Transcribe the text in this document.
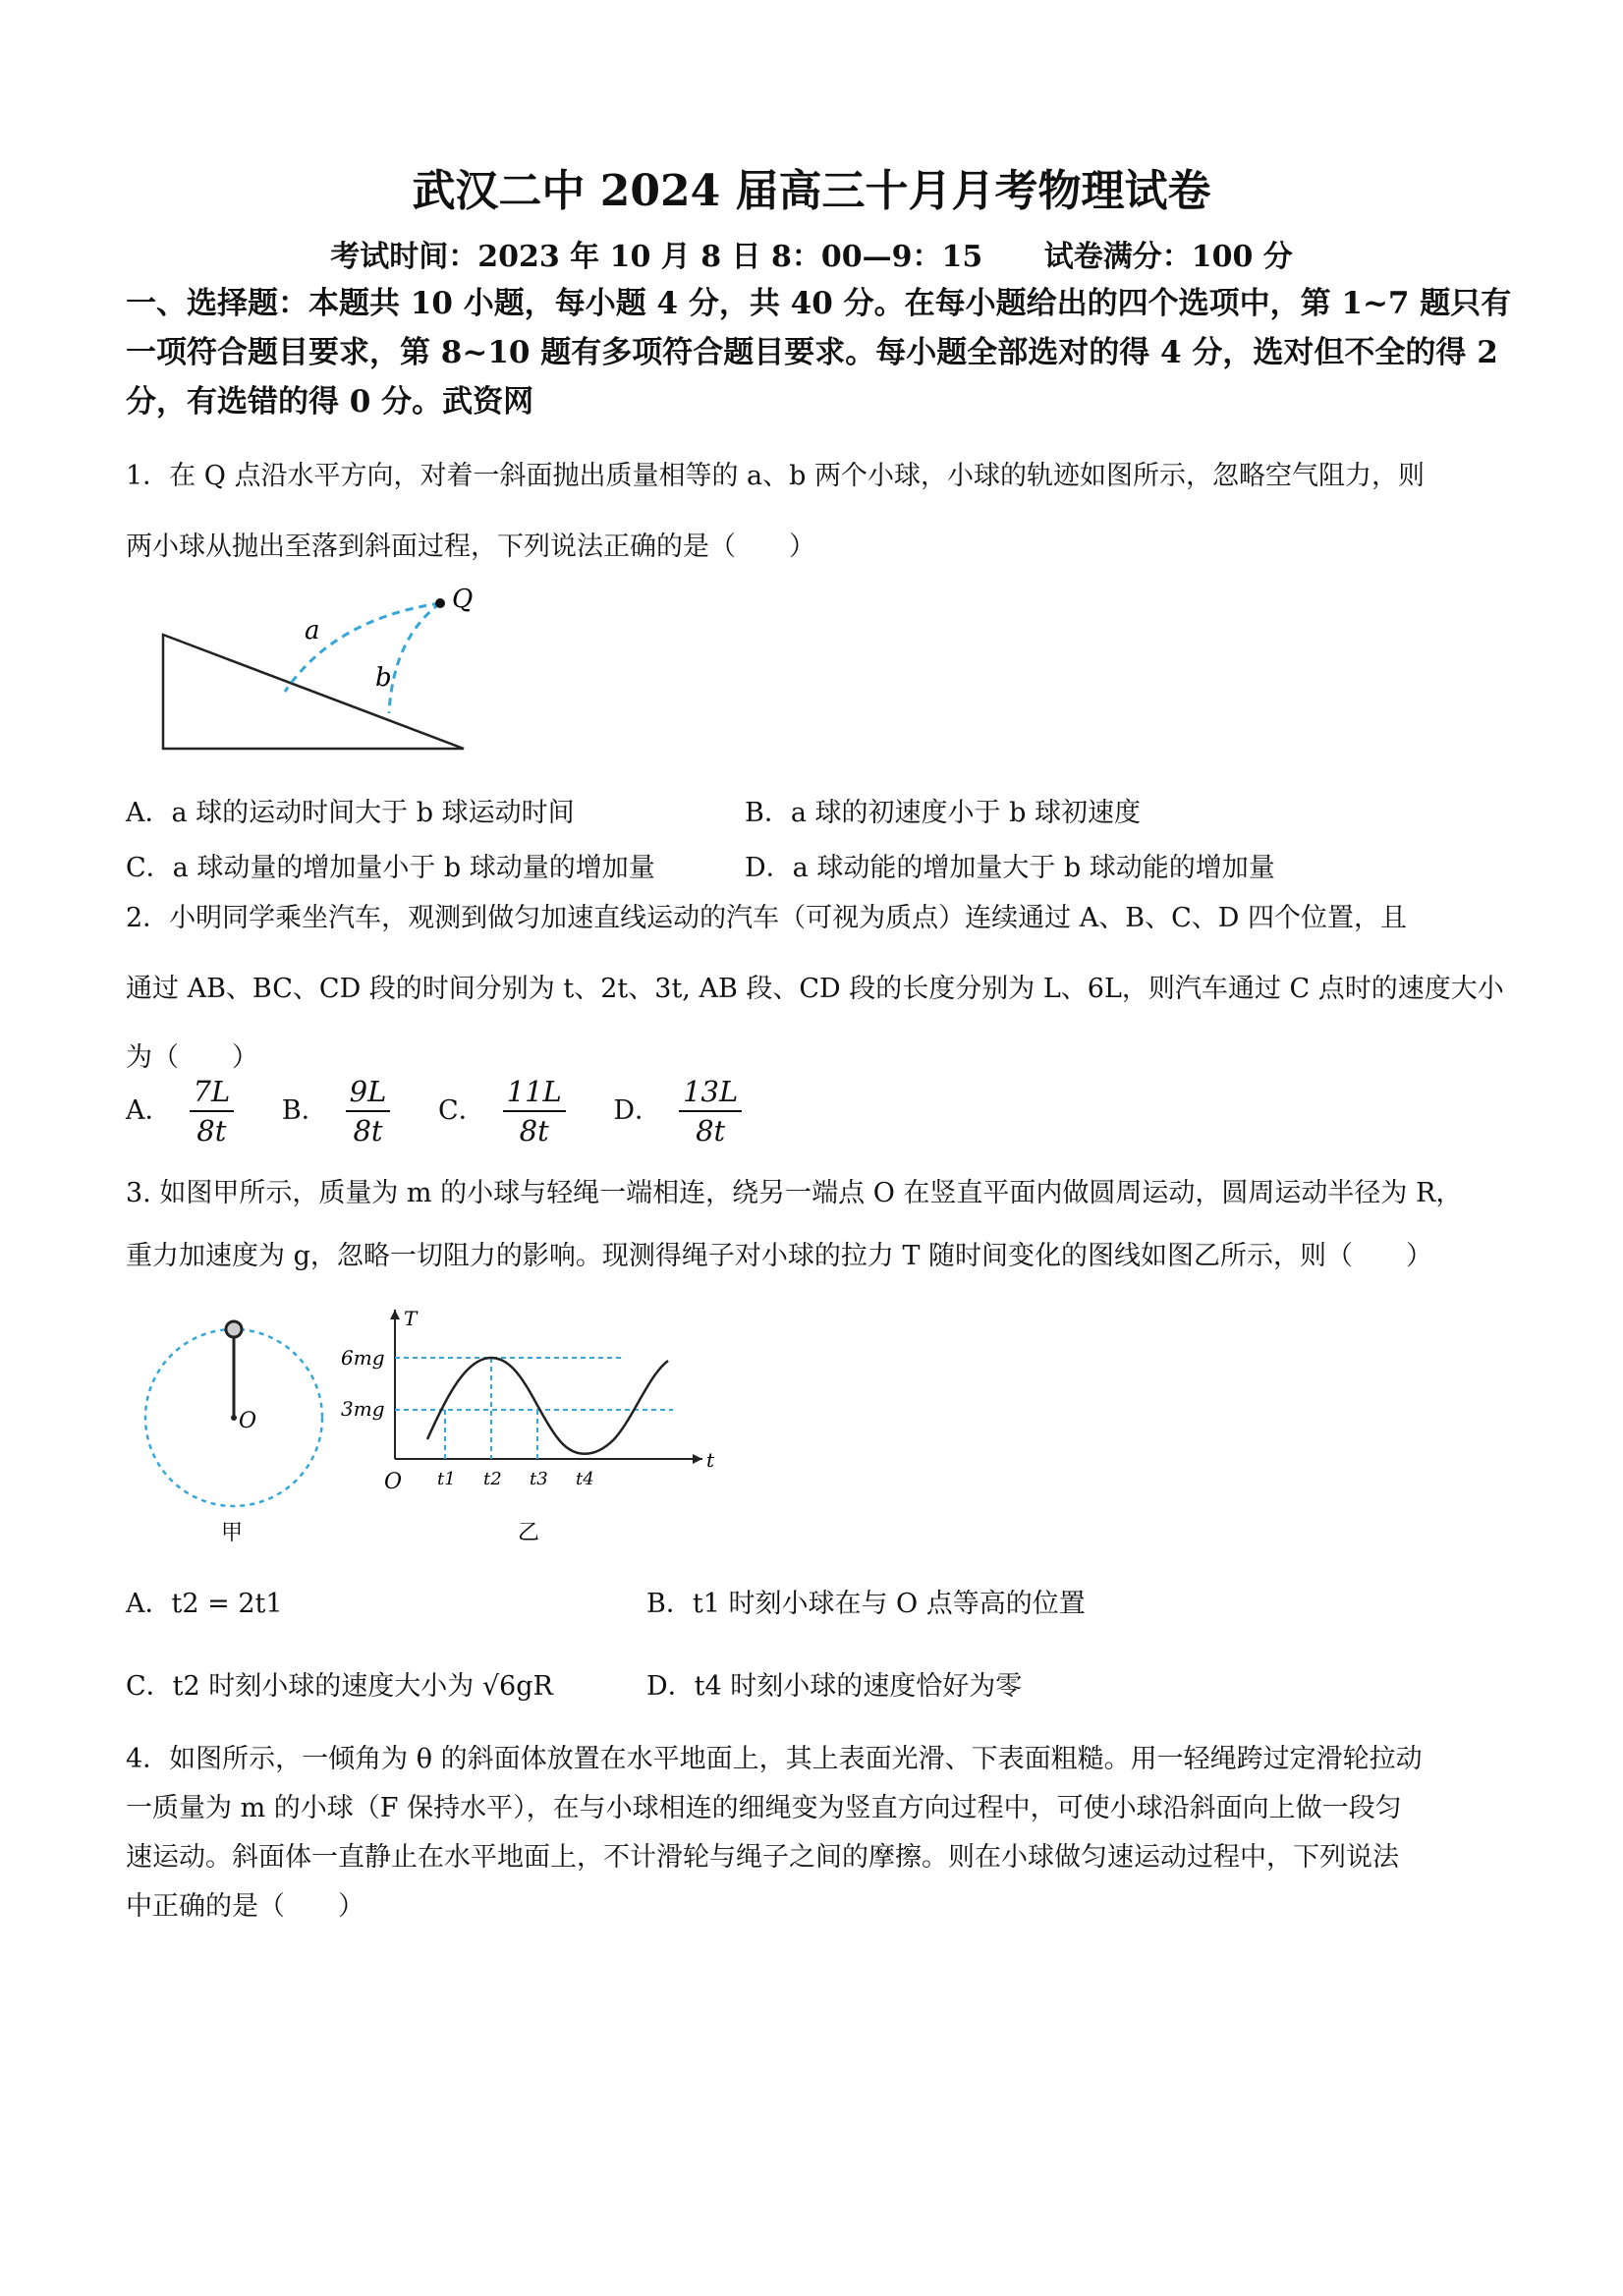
武汉二中 2024 届高三十月月考物理试卷
考试时间：2023 年 10 月 8 日 8：00—9：15 试卷满分：100 分
一、选择题：本题共 10 小题，每小题 4 分，共 40 分。在每小题给出的四个选项中，第 1~7 题只有一项符合题目要求，第 8~10 题有多项符合题目要求。每小题全部选对的得 4 分，选对但不全的得 2 分，有选错的得 0 分。武资网
1．在 Q 点沿水平方向，对着一斜面抛出质量相等的 a、b 两个小球，小球的轨迹如图所示，忽略空气阻力，则
两小球从抛出至落到斜面过程，下列说法正确的是（　　）
Q
a
b
A．a 球的运动时间大于 b 球运动时间	B．a 球的初速度小于 b 球初速度
C．a 球动量的增加量小于 b 球动量的增加量	D．a 球动能的增加量大于 b 球动能的增加量
2．小明同学乘坐汽车，观测到做匀加速直线运动的汽车（可视为质点）连续通过 A、B、C、D 四个位置，且
通过 AB、BC、CD 段的时间分别为 t、2t、3t, AB 段、CD 段的长度分别为 L、6L，则汽车通过 C 点时的速度大小
为（　　）
A． $\frac{7L}{8t}$ B． $\frac{9L}{8t}$ C． $\frac{11L}{8t}$ D． $\frac{13L}{8t}$
3. 如图甲所示，质量为 m 的小球与轻绳一端相连，绕另一端点 O 在竖直平面内做圆周运动，圆周运动半径为 R，
重力加速度为 g，忽略一切阻力的影响。现测得绳子对小球的拉力 T 随时间变化的图线如图乙所示，则（　　）
O
甲
T
t
O
6mg
3mg
t1 t2 t3 t4
乙
A．t2 = 2t1	B．t1 时刻小球在与 O 点等高的位置
C．t2 时刻小球的速度大小为 √6gR	D．t4 时刻小球的速度恰好为零
4．如图所示，一倾角为 θ 的斜面体放置在水平地面上，其上表面光滑、下表面粗糙。用一轻绳跨过定滑轮拉动
一质量为 m 的小球（F 保持水平），在与小球相连的细绳变为竖直方向过程中，可使小球沿斜面向上做一段匀
速运动。斜面体一直静止在水平地面上，不计滑轮与绳子之间的摩擦。则在小球做匀速运动过程中，下列说法
中正确的是（　　）
